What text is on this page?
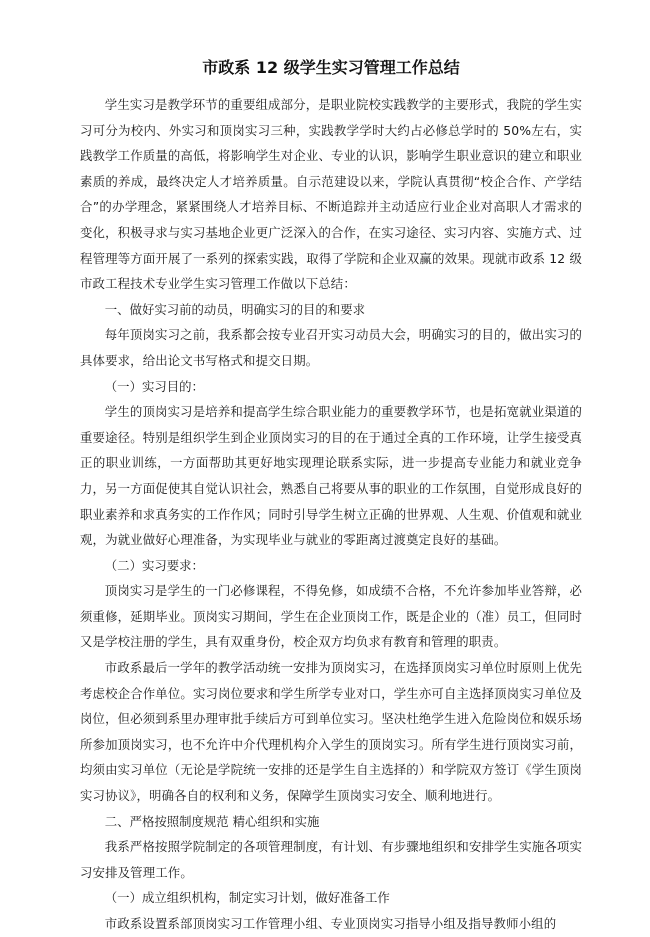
市政系 12 级学生实习管理工作总结

学生实习是教学环节的重要组成部分，是职业院校实践教学的主要形式，我院的学生实习可分为校内、外实习和顶岗实习三种，实践教学学时大约占必修总学时的 50%左右，实践教学工作质量的高低，将影响学生对企业、专业的认识，影响学生职业意识的建立和职业素质的养成，最终决定人才培养质量。自示范建设以来，学院认真贯彻“校企合作、产学结合”的办学理念，紧紧围绕人才培养目标、不断追踪并主动适应行业企业对高职人才需求的变化，积极寻求与实习基地企业更广泛深入的合作，在实习途径、实习内容、实施方式、过程管理等方面开展了一系列的探索实践，取得了学院和企业双赢的效果。现就市政系 12 级市政工程技术专业学生实习管理工作做以下总结：

一、做好实习前的动员，明确实习的目的和要求

每年顶岗实习之前，我系都会按专业召开实习动员大会，明确实习的目的，做出实习的具体要求，给出论文书写格式和提交日期。

（一）实习目的：

学生的顶岗实习是培养和提高学生综合职业能力的重要教学环节，也是拓宽就业渠道的重要途径。特别是组织学生到企业顶岗实习的目的在于通过全真的工作环境，让学生接受真正的职业训练，一方面帮助其更好地实现理论联系实际，进一步提高专业能力和就业竞争力，另一方面促使其自觉认识社会，熟悉自己将要从事的职业的工作氛围，自觉形成良好的职业素养和求真务实的工作作风；同时引导学生树立正确的世界观、人生观、价值观和就业观，为就业做好心理准备，为实现毕业与就业的零距离过渡奠定良好的基础。

（二）实习要求：

顶岗实习是学生的一门必修课程，不得免修，如成绩不合格，不允许参加毕业答辩，必须重修，延期毕业。顶岗实习期间，学生在企业顶岗工作，既是企业的（准）员工，但同时又是学校注册的学生，具有双重身份，校企双方均负求有教育和管理的职责。

市政系最后一学年的教学活动统一安排为顶岗实习，在选择顶岗实习单位时原则上优先考虑校企合作单位。实习岗位要求和学生所学专业对口，学生亦可自主选择顶岗实习单位及岗位，但必须到系里办理审批手续后方可到单位实习。坚决杜绝学生进入危险岗位和娱乐场所参加顶岗实习，也不允许中介代理机构介入学生的顶岗实习。所有学生进行顶岗实习前，均须由实习单位（无论是学院统一安排的还是学生自主选择的）和学院双方签订《学生顶岗实习协议》，明确各自的权利和义务，保障学生顶岗实习安全、顺利地进行。

二、严格按照制度规范 精心组织和实施

我系严格按照学院制定的各项管理制度，有计划、有步骤地组织和安排学生实施各项实习安排及管理工作。

（一）成立组织机构，制定实习计划，做好准备工作

市政系设置系部顶岗实习工作管理小组、专业顶岗实习指导小组及指导教师小组的
